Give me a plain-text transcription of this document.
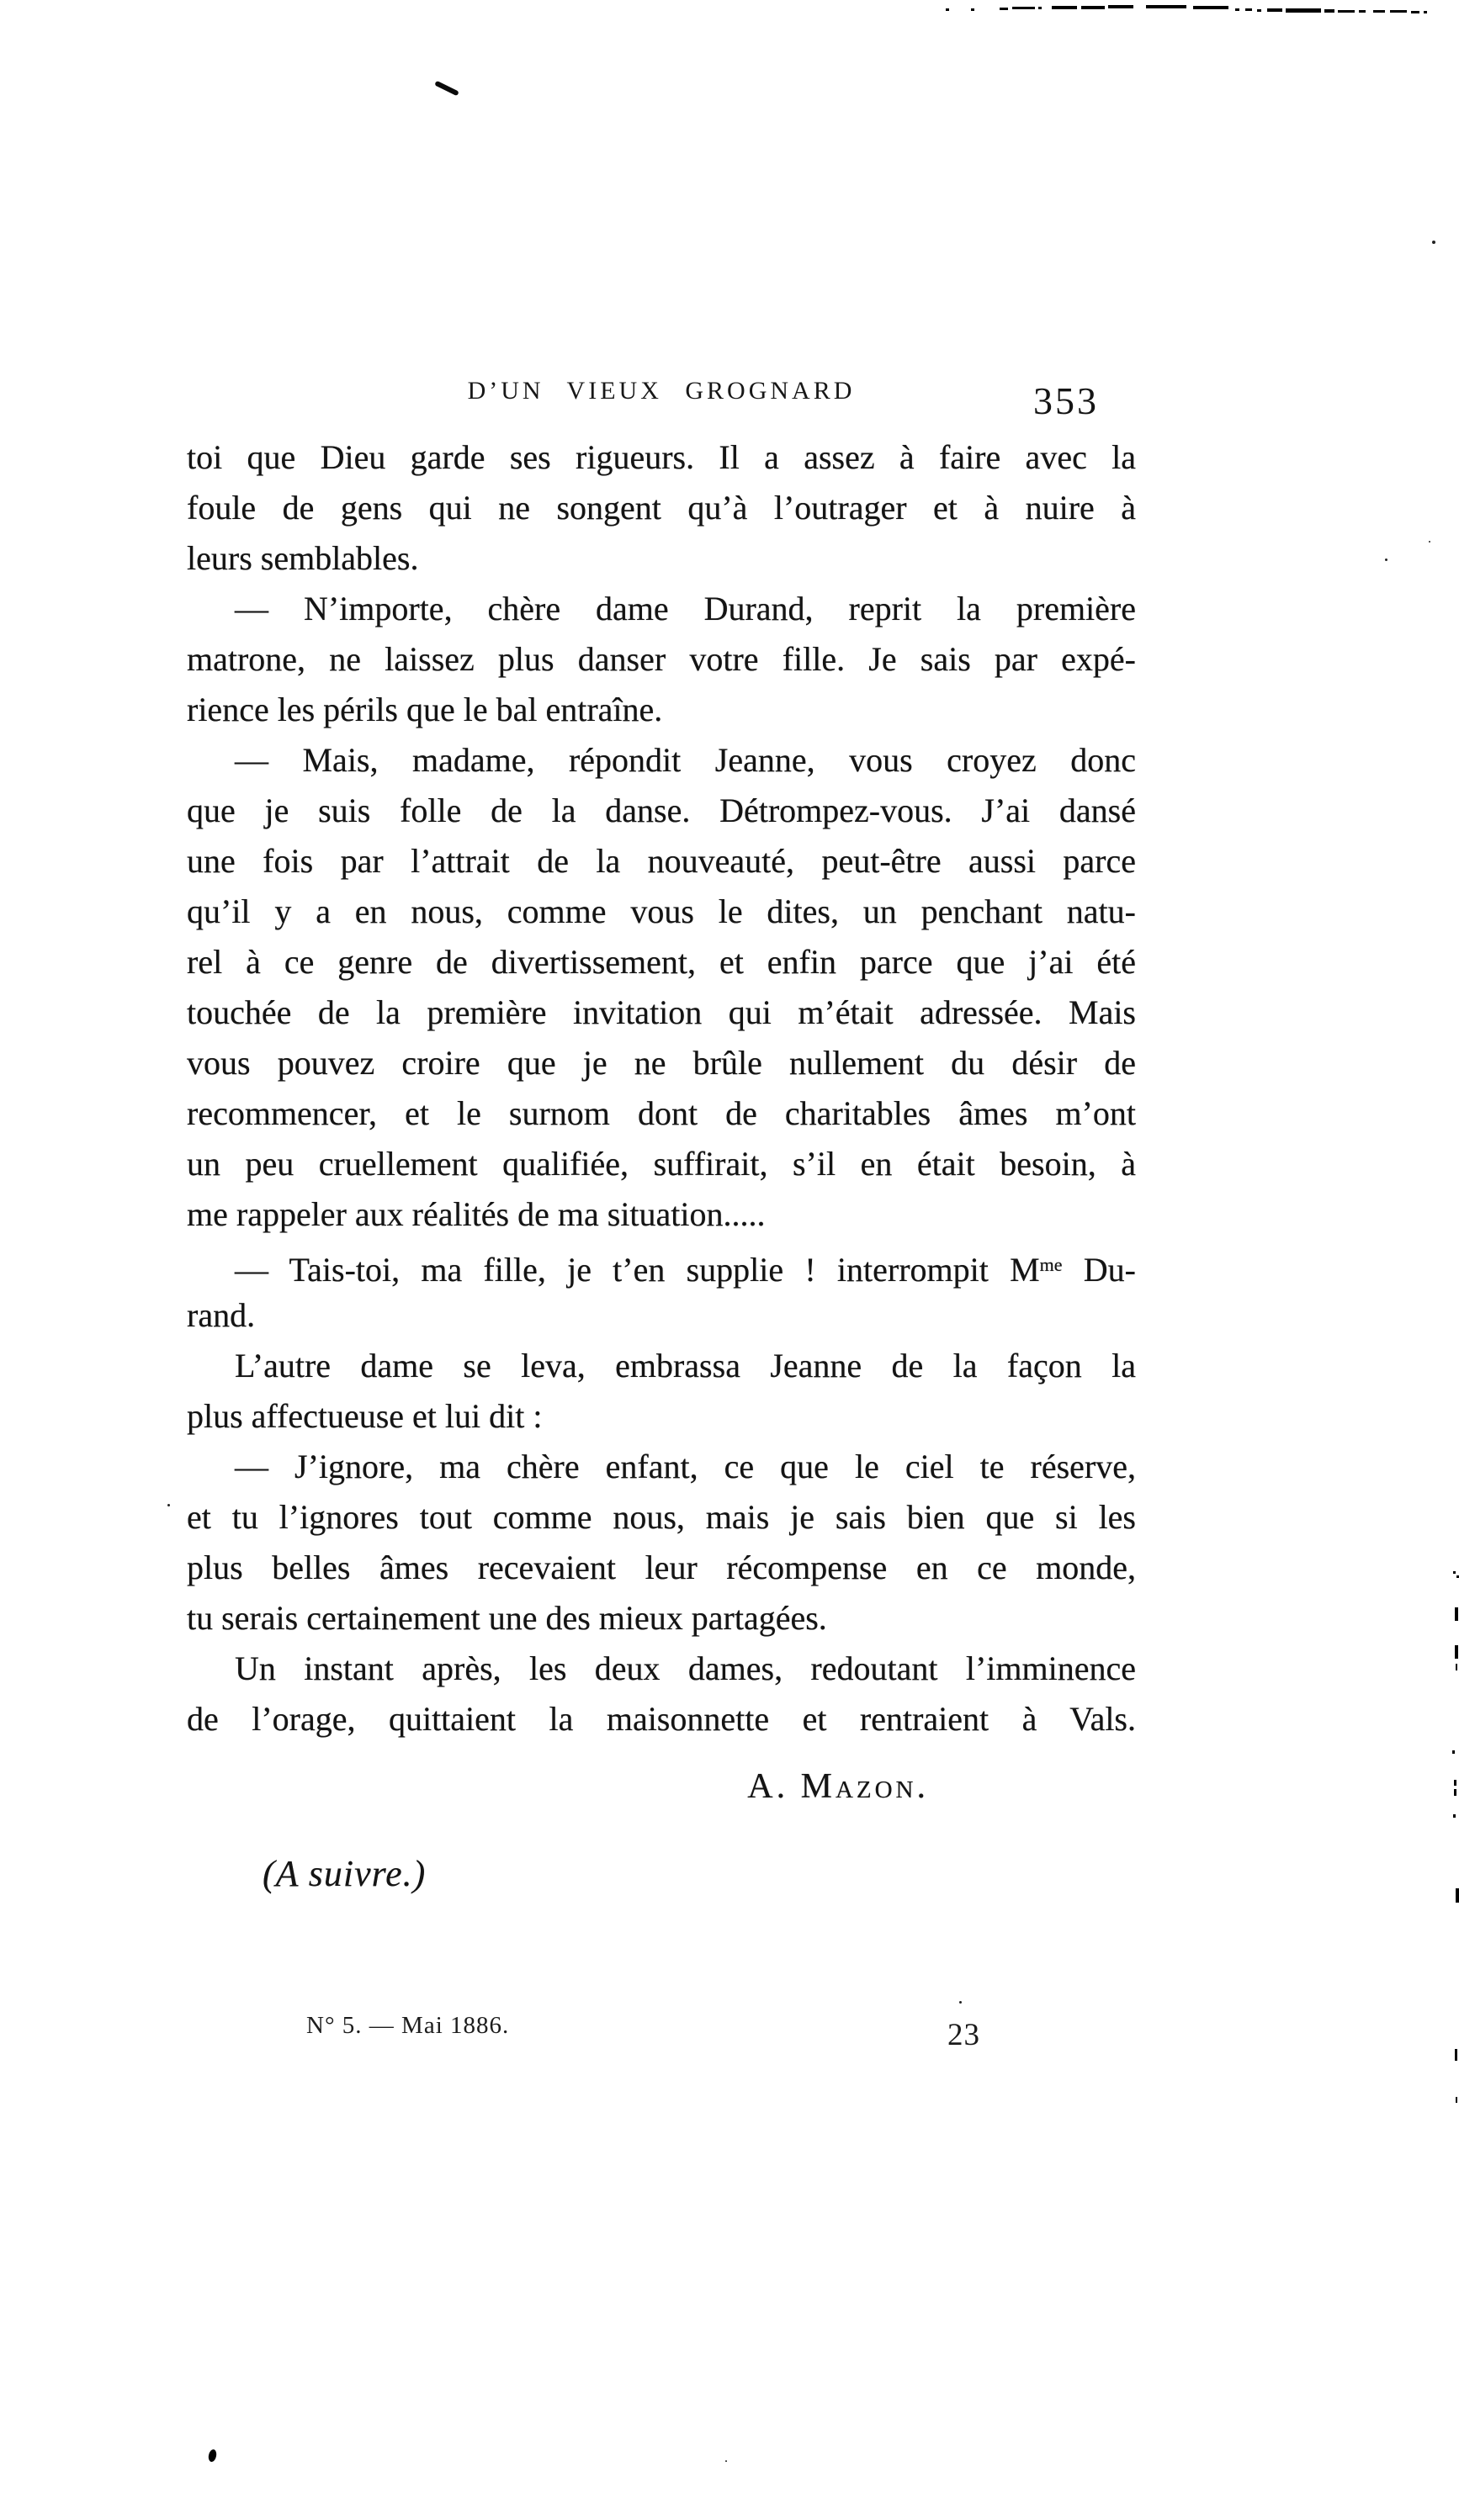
D’UN VIEUX GROGNARD	353
toi que Dieu garde ses rigueurs. Il a assez à faire avec la
foule de gens qui ne songent qu’à l’outrager et à nuire à
leurs semblables.
— N’importe, chère dame Durand, reprit la première
matrone, ne laissez plus danser votre fille. Je sais par expé-
rience les périls que le bal entraîne.
— Mais, madame, répondit Jeanne, vous croyez donc
que je suis folle de la danse. Détrompez-vous. J’ai dansé
une fois par l’attrait de la nouveauté, peut-être aussi parce
qu’il y a en nous, comme vous le dites, un penchant natu-
rel à ce genre de divertissement, et enfin parce que j’ai été
touchée de la première invitation qui m’était adressée. Mais
vous pouvez croire que je ne brûle nullement du désir de
recommencer, et le surnom dont de charitables âmes m’ont
un peu cruellement qualifiée, suffirait, s’il en était besoin, à
me rappeler aux réalités de ma situation.....
— Tais-toi, ma fille, je t’en supplie ! interrompit $M^{me}$ Du-
rand.
L’autre dame se leva, embrassa Jeanne de la façon la
plus affectueuse et lui dit :
— J’ignore, ma chère enfant, ce que le ciel te réserve,
et tu l’ignores tout comme nous, mais je sais bien que si les
plus belles âmes recevaient leur récompense en ce monde,
tu serais certainement une des mieux partagées.
Un instant après, les deux dames, redoutant l’imminence
de l’orage, quittaient la maisonnette et rentraient à Vals.
A. Mazon.
(A suivre.)
N° 5. — Mai 1886.	23
